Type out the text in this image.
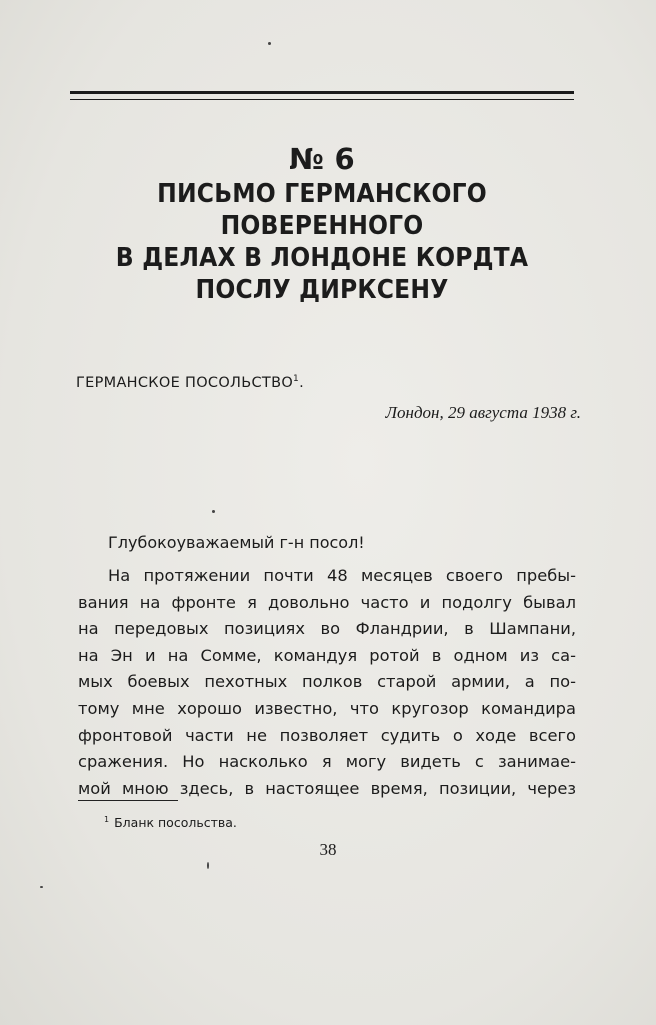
№ 6
ПИСЬМО ГЕРМАНСКОГО ПОВЕРЕННОГО
В ДЕЛАХ В ЛОНДОНЕ КОРДТА
ПОСЛУ ДИРКСЕНУ
ГЕРМАНСКОЕ ПОСОЛЬСТВО$^1$.
Лондон, 29 августа 1938 г.
Глубокоуважаемый г-н посол!
На протяжении почти 48 месяцев своего пребы-
вания на фронте я довольно часто и подолгу бывал
на передовых позициях во Фландрии, в Шампани,
на Эн и на Сомме, командуя ротой в одном из са-
мых боевых пехотных полков старой армии, а по-
тому мне хорошо известно, что кругозор командира
фронтовой части не позволяет судить о ходе всего
сражения. Но насколько я могу видеть с занимае-
мой мною здесь, в настоящее время, позиции, через
$^1$ Бланк посольства.
38
